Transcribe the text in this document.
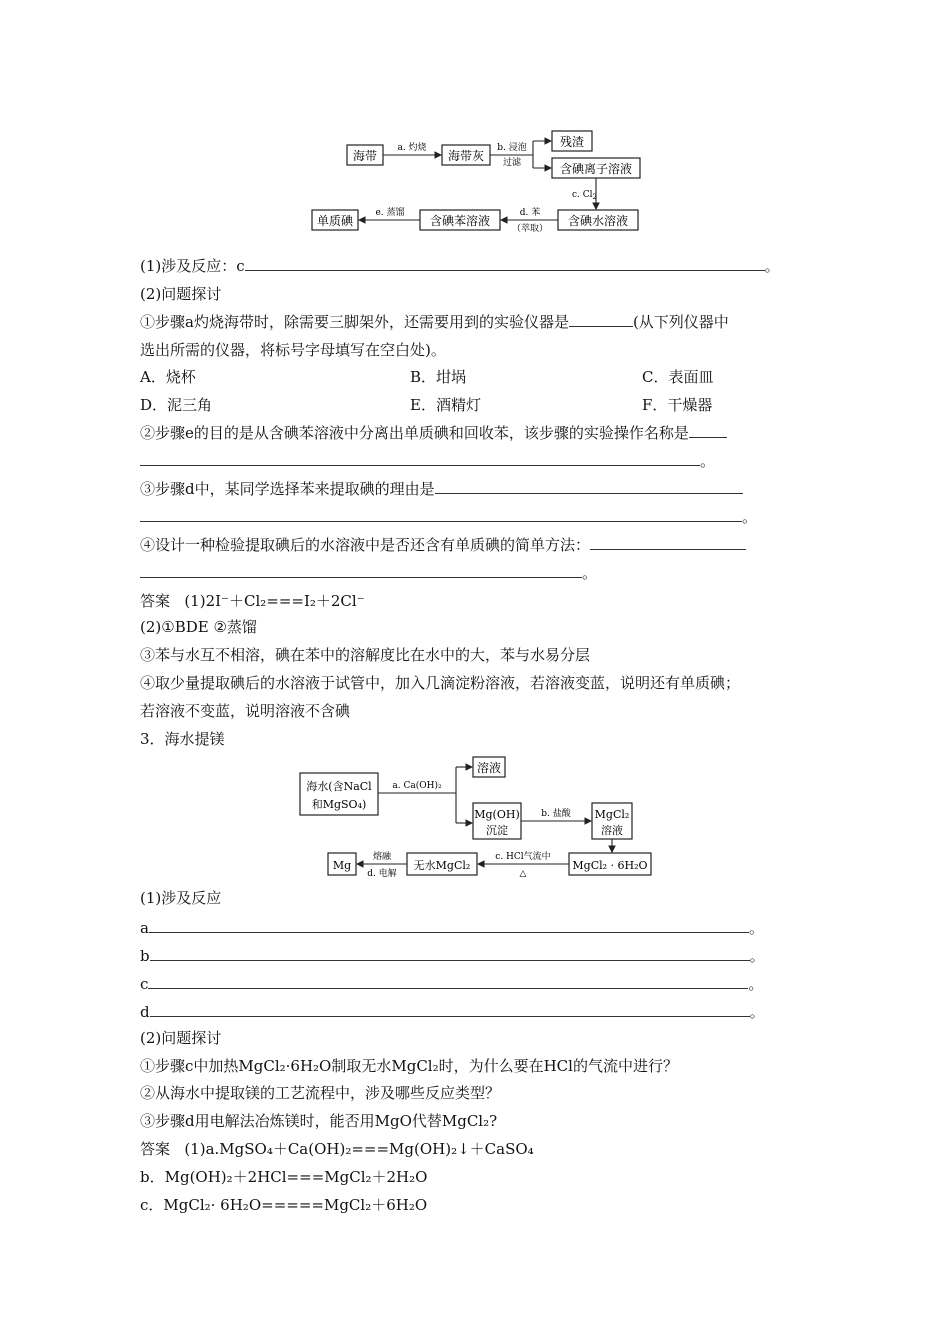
海带
a. 灼烧
海带灰
b. 浸泡
过滤
残渣
含碘离子溶液
c. $Cl_2$
含碘水溶液
d. 苯
（萃取）
含碘苯溶液
e. 蒸馏
单质碘
(1)涉及反应：c	。
(2)问题探讨
①步骤a灼烧海带时，除需要三脚架外，还需要用到的实验仪器是	(从下列仪器中
选出所需的仪器，将标号字母填写在空白处)。
A．烧杯	B．坩埚	C．表面皿
D．泥三角	E．酒精灯	F．干燥器
②步骤e的目的是从含碘苯溶液中分离出单质碘和回收苯，该步骤的实验操作名称是
。
③步骤d中，某同学选择苯来提取碘的理由是
。
④设计一种检验提取碘后的水溶液中是否还含有单质碘的简单方法：
。
答案 (1)2I⁻＋Cl₂===I₂＋2Cl⁻
(2)①BDE ②蒸馏
③苯与水互不相溶，碘在苯中的溶解度比在水中的大，苯与水易分层
④取少量提取碘后的水溶液于试管中，加入几滴淀粉溶液，若溶液变蓝，说明还有单质碘；
若溶液不变蓝，说明溶液不含碘
3．海水提镁
海水(含NaCl
和MgSO₄)
a. Ca(OH)₂
溶液
Mg(OH)
沉淀
b. 盐酸 MgCl₂
溶液
MgCl₂ · 6H₂O
c. HCl气流中
△
无水MgCl₂
熔融
d. 电解
Mg
(1)涉及反应
a	。
b	。
c	。
d	。
(2)问题探讨
①步骤c中加热MgCl₂·6H₂O制取无水MgCl₂时，为什么要在HCl的气流中进行？
②从海水中提取镁的工艺流程中，涉及哪些反应类型？
③步骤d用电解法冶炼镁时，能否用MgO代替MgCl₂?
答案 (1)a.MgSO₄＋Ca(OH)₂===Mg(OH)₂↓＋CaSO₄
b．Mg(OH)₂＋2HCl===MgCl₂＋2H₂O
c．MgCl₂· 6H₂O=====MgCl₂＋6H₂O
